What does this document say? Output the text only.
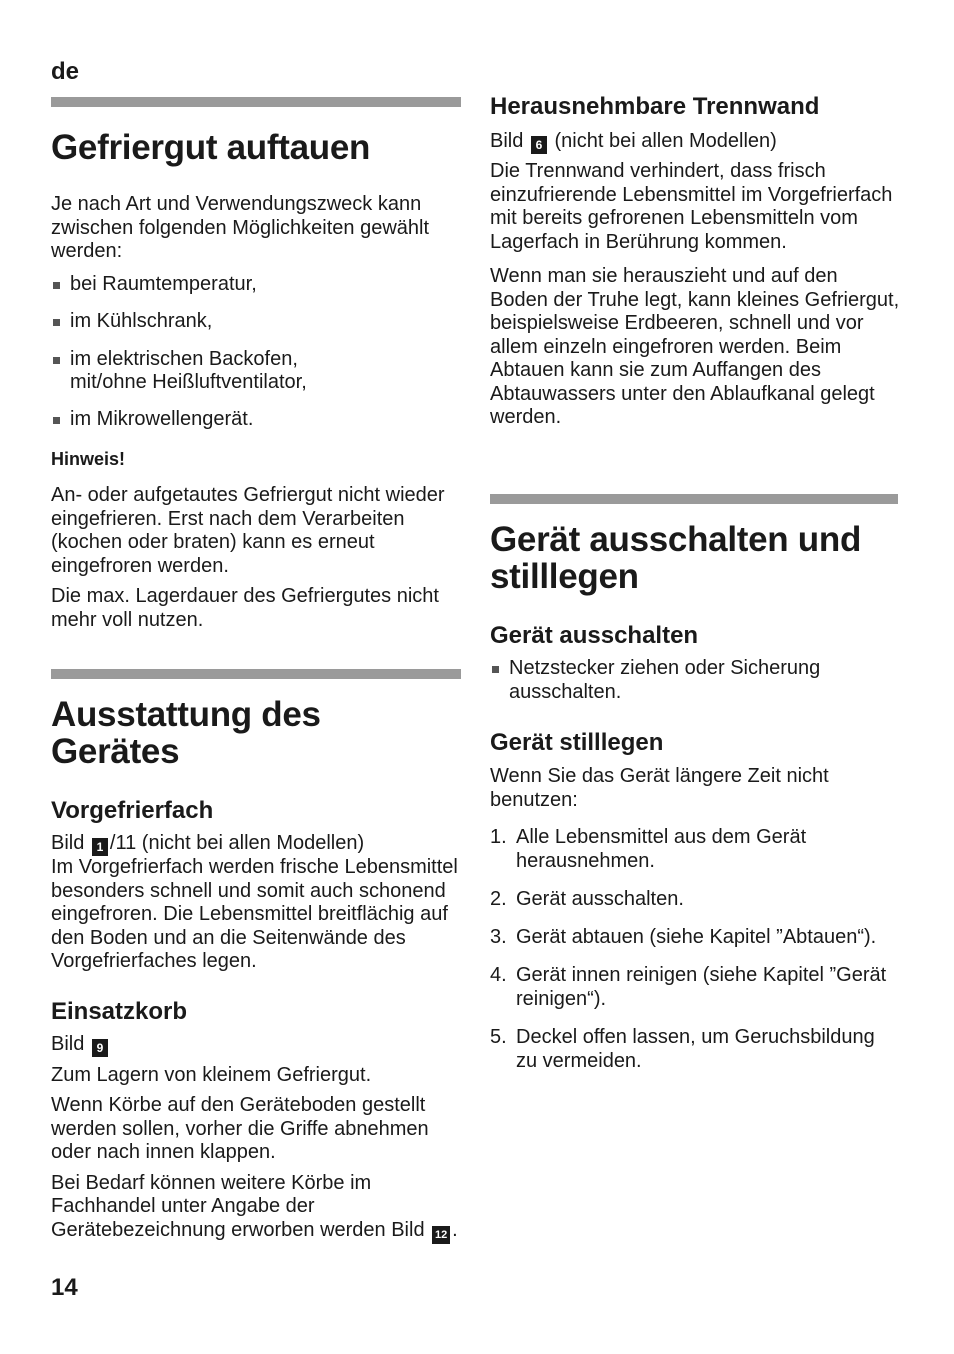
de
14
Gefriergut auftauen

Je nach Art und Verwendungszweck kann zwischen folgenden Möglichkeiten gewählt werden:

bei Raumtemperatur,
im Kühlschrank,
im elektrischen Backofen, mit/ohne Heißluftventilator,
im Mikrowellengerät.
Hinweis!

An- oder aufgetautes Gefriergut nicht wieder eingefrieren. Erst nach dem Verarbeiten (kochen oder braten) kann es erneut eingefroren werden.

Die max. Lagerdauer des Gefriergutes nicht mehr voll nutzen.

Ausstattung des
Gerätes
Vorgefrierfach

Bild 1 /11 (nicht bei allen Modellen)

Im Vorgefrierfach werden frische Lebensmittel besonders schnell und somit auch schonend eingefroren. Die Lebensmittel breitflächig auf den Boden und an die Seitenwände des Vorgefrierfaches legen.

Einsatzkorb

Bild 9

Zum Lagern von kleinem Gefriergut.

Wenn Körbe auf den Geräteboden gestellt werden sollen, vorher die Griffe abnehmen oder nach innen klappen.

Bei Bedarf können weitere Körbe im Fachhandel unter Angabe der Gerätebezeichnung erworben werden Bild 12 .

Herausnehmbare Trennwand

Bild 6 (nicht bei allen Modellen)

Die Trennwand verhindert, dass frisch einzufrierende Lebensmittel im Vorgefrierfach mit bereits gefrorenen Lebensmitteln vom Lagerfach in Berührung kommen.

Wenn man sie herauszieht und auf den Boden der Truhe legt, kann kleines Gefriergut, beispielsweise Erdbeeren, schnell und vor allem einzeln eingefroren werden. Beim Abtauen kann sie zum Auffangen des Abtauwassers unter den Ablaufkanal gelegt werden.

Gerät ausschalten und
stilllegen
Gerät ausschalten
Netzstecker ziehen oder Sicherung ausschalten.
Gerät stilllegen

Wenn Sie das Gerät längere Zeit nicht benutzen:

1. Alle Lebensmittel aus dem Gerät herausnehmen.
2. Gerät ausschalten.
3. Gerät abtauen (siehe Kapitel ”Abtauen“).
4. Gerät innen reinigen (siehe Kapitel ”Gerät reinigen“).
5. Deckel offen lassen, um Geruchsbildung zu vermeiden.
